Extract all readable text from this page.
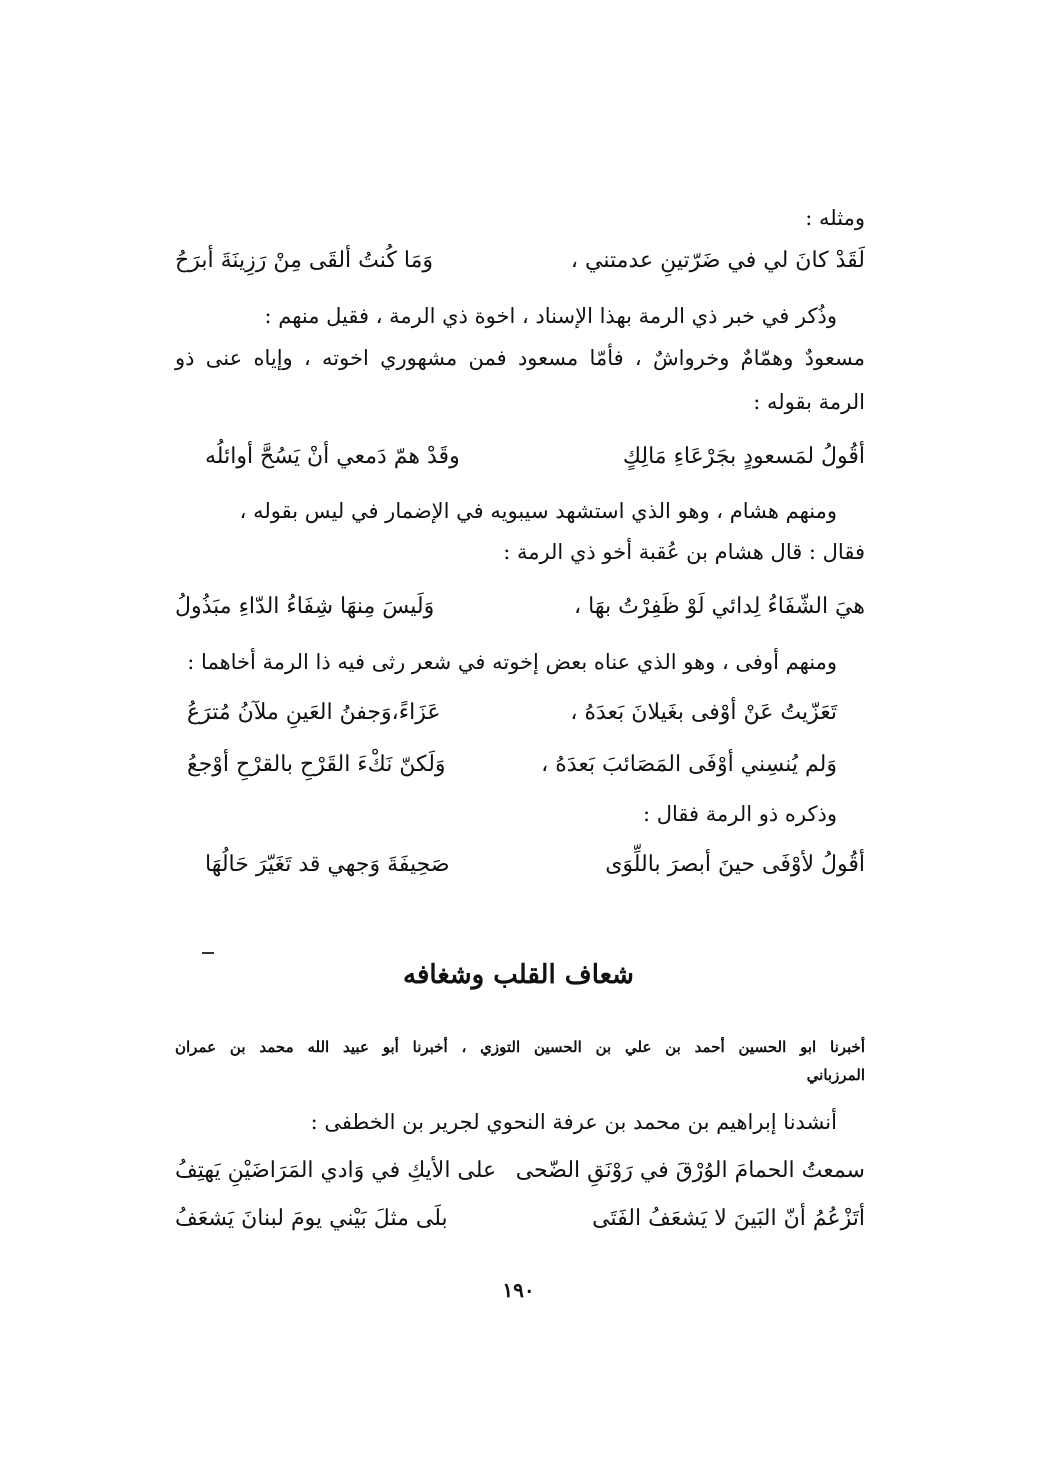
ومثله :
لَقَدْ كانَ لي في ضَرّتينِ عدمتني ،
وَمَا كُنتُ ألقَى مِنْ رَزِينَةَ أبرَحُ
وذُكر في خبر ذي الرمة بهذا الإسناد ، اخوة ذي الرمة ، فقيل منهم :
مسعودٌ وهمّامٌ وخرواشٌ ، فأمّا مسعود فمن مشهوري اخوته ، وإياه عنى ذو
الرمة بقوله :
أقُولُ لمَسعودٍ بجَرْعَاءِ مَالِكٍ
وقَدْ همّ دَمعي أنْ يَسُحَّ أوائلُه
ومنهم هشام ، وهو الذي استشهد سيبويه في الإضمار في ليس بقوله ،
فقال : قال هشام بن عُقبة أخو ذي الرمة :
هيَ الشّفَاءُ لِدائي لَوْ ظَفِرْتُ بهَا ،
وَلَيسَ مِنهَا شِفَاءُ الدّاءِ مبَذُولُ
ومنهم أوفى ، وهو الذي عناه بعض إخوته في شعر رثى فيه ذا الرمة أخاهما :
تَعَزّيتُ عَنْ أوْفى بغَيلانَ بَعدَهُ ،
عَزَاءً،وَجفنُ العَينِ ملآنُ مُترَعُ
وَلم يُنسِني أوْفَى المَصَائبَ بَعدَهُ ،
وَلَكنّ نَكْءَ القَرْحِ بالقرْحِ أوْجعُ
وذكره ذو الرمة فقال :
أقُولُ لأوْفَى حينَ أبصرَ باللِّوَى
صَحِيفَةَ وَجهي قد تَغَيّرَ حَالُهَا
شعاف القلب وشغافه
أخبرنا ابو الحسين أحمد بن علي بن الحسين التوزي ، أخبرنا أبو عبيد الله محمد بن عمران
المرزباني
أنشدنا إبراهيم بن محمد بن عرفة النحوي لجرير بن الخطفى :
سمعتُ الحمامَ الوُرْقَ في رَوْنَقِ الضّحى
على الأيكِ في وَادي المَرَاضَيْنِ يَهتِفُ
أتَزْعُمُ أنّ البَينَ لا يَشعَفُ الفَتَى
بلَى مثلَ بَيْني يومَ لبنانَ يَشعَفُ
١٩٠
